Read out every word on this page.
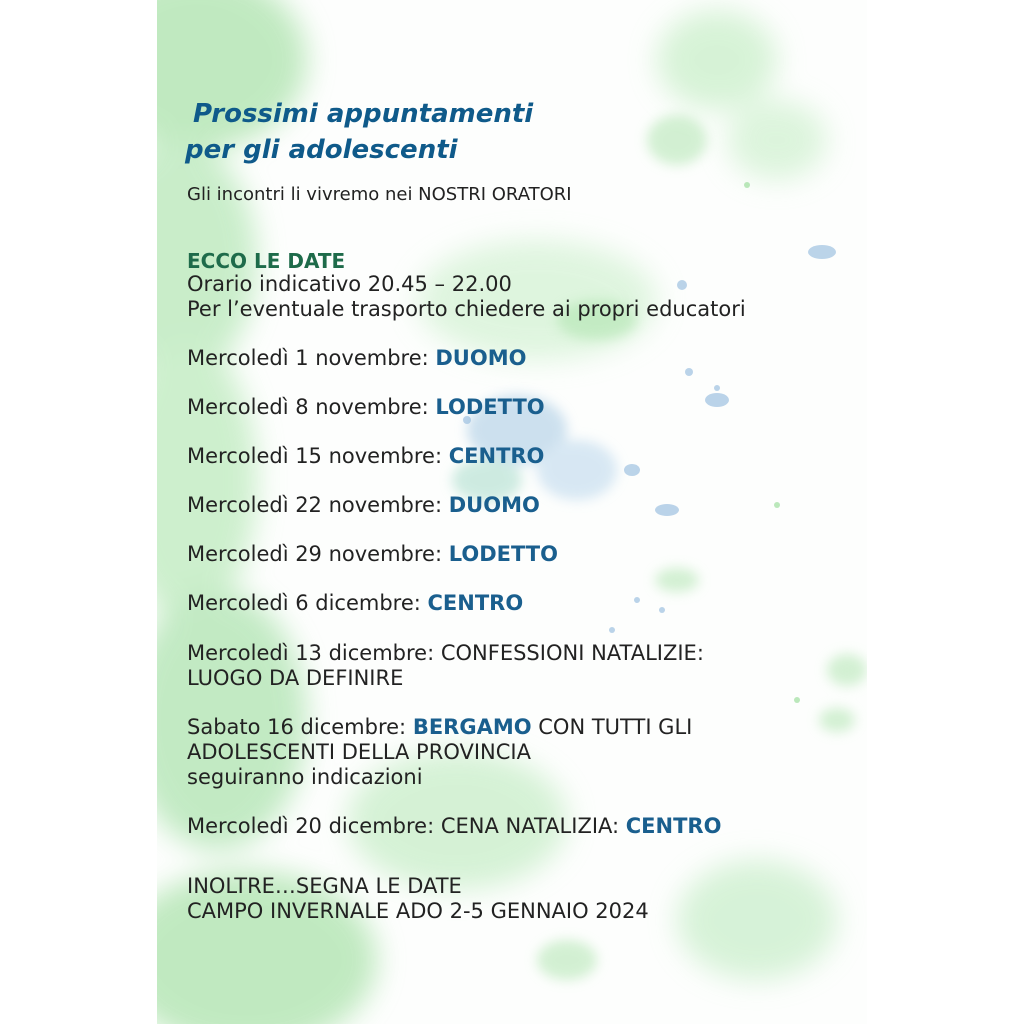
Prossimi appuntamenti
per gli adolescenti

Gli incontri li vivremo nei NOSTRI ORATORI

ECCO LE DATE

Orario indicativo 20.45 – 22.00

Per l’eventuale trasporto chiedere ai propri educatori

Mercoledì 1 novembre: DUOMO

Mercoledì 8 novembre: LODETTO

Mercoledì 15 novembre: CENTRO

Mercoledì 22 novembre: DUOMO

Mercoledì 29 novembre: LODETTO

Mercoledì 6 dicembre: CENTRO

Mercoledì 13 dicembre: CONFESSIONI NATALIZIE:

LUOGO DA DEFINIRE

Sabato 16 dicembre: BERGAMO CON TUTTI GLI

ADOLESCENTI DELLA PROVINCIA

seguiranno indicazioni

Mercoledì 20 dicembre: CENA NATALIZIA: CENTRO

INOLTRE…SEGNA LE DATE

CAMPO INVERNALE ADO 2-5 GENNAIO 2024
